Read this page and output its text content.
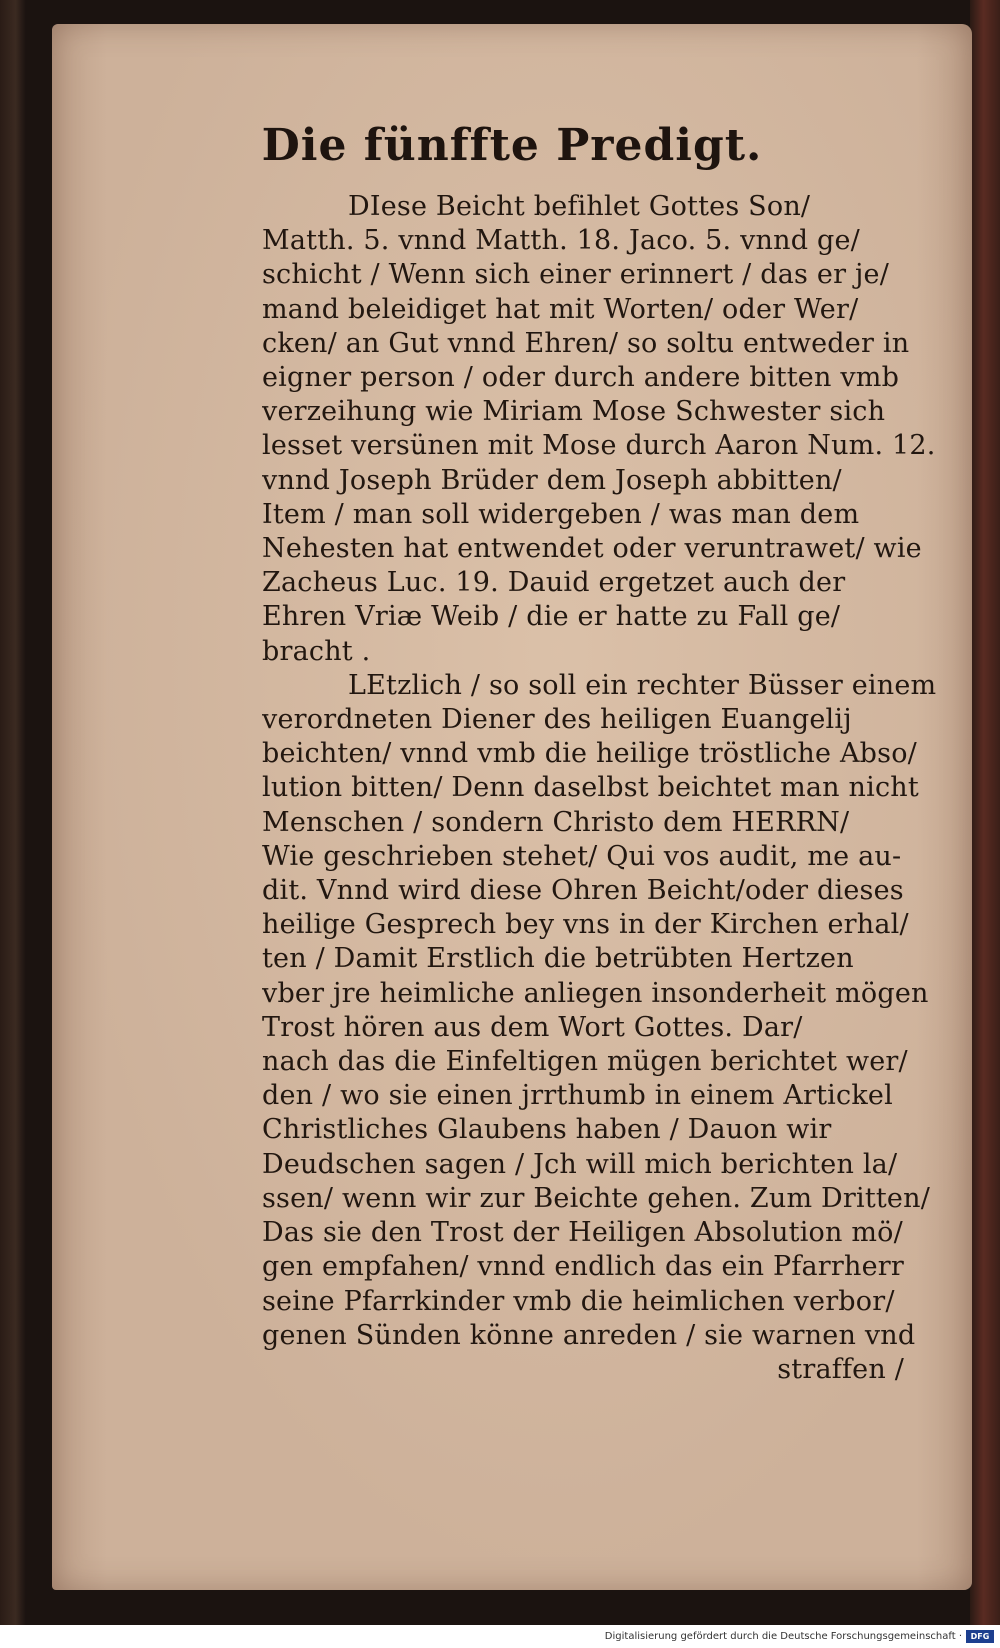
Die fünffte Predigt.
DIese Beicht befihlet Gottes Son/
Matth. 5. vnnd Matth. 18. Jaco. 5. vnnd ge/
schicht / Wenn sich einer erinnert / das er je/
mand beleidiget hat mit Worten/ oder Wer/
cken/ an Gut vnnd Ehren/ so soltu entweder in
eigner person / oder durch andere bitten vmb
verzeihung wie Miriam Mose Schwester sich
lesset versünen mit Mose durch Aaron Num. 12.
vnnd Joseph Brüder dem Joseph abbitten/
Item / man soll widergeben / was man dem
Nehesten hat entwendet oder veruntrawet/ wie
Zacheus Luc. 19. Dauid ergetzet auch der
Ehren Vriæ Weib / die er hatte zu Fall ge/
bracht .
LEtzlich / so soll ein rechter Büsser einem
verordneten Diener des heiligen Euangelij
beichten/ vnnd vmb die heilige tröstliche Abso/
lution bitten/ Denn daselbst beichtet man nicht
Menschen / sondern Christo dem HERRN/
Wie geschrieben stehet/ Qui vos audit, me au-
dit. Vnnd wird diese Ohren Beicht/oder dieses
heilige Gesprech bey vns in der Kirchen erhal/
ten / Damit Erstlich die betrübten Hertzen
vber jre heimliche anliegen insonderheit mögen
Trost hören aus dem Wort Gottes. Dar/
nach das die Einfeltigen mügen berichtet wer/
den / wo sie einen jrrthumb in einem Artickel
Christliches Glaubens haben / Dauon wir
Deudschen sagen / Jch will mich berichten la/
ssen/ wenn wir zur Beichte gehen. Zum Dritten/
Das sie den Trost der Heiligen Absolution mö/
gen empfahen/ vnnd endlich das ein Pfarrherr
seine Pfarrkinder vmb die heimlichen verbor/
genen Sünden könne anreden / sie warnen vnd
straffen /
Digitalisierung gefördert durch die Deutsche Forschungsgemeinschaft ·	DFG
